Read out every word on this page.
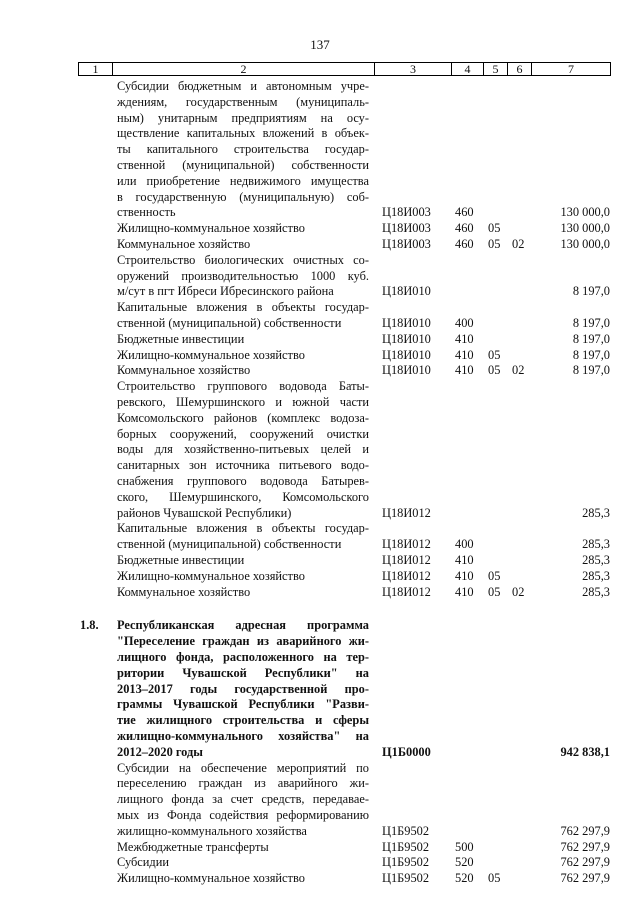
137
1	2	3	4	5	6	7
Субсидии бюджетным и автономным учре-
ждениям, государственным (муниципаль-
ным) унитарным предприятиям на осу-
ществление капитальных вложений в объек-
ты капитального строительства государ-
ственной (муниципальной) собственности
или приобретение недвижимого имущества
в государственную (муниципальную) соб-
ственность	Ц18И003 460	130 000,0
Жилищно-коммунальное хозяйство	Ц18И003 460 05	130 000,0
Коммунальное хозяйство	Ц18И003 460 05 02	130 000,0
Строительство биологических очистных со-
оружений производительностью 1000 куб.
м/сут в пгт Ибреси Ибресинского района	Ц18И010	8 197,0
Капитальные вложения в объекты государ-
ственной (муниципальной) собственности	Ц18И010 400	8 197,0
Бюджетные инвестиции	Ц18И010 410	8 197,0
Жилищно-коммунальное хозяйство	Ц18И010 410 05	8 197,0
Коммунальное хозяйство	Ц18И010 410 05 02	8 197,0
Строительство группового водовода Баты-
ревского, Шемуршинского и южной части
Комсомольского районов (комплекс водоза-
борных сооружений, сооружений очистки
воды для хозяйственно-питьевых целей и
санитарных зон источника питьевого водо-
снабжения группового водовода Батырев-
ского, Шемуршинского, Комсомольского
районов Чувашской Республики)	Ц18И012	285,3
Капитальные вложения в объекты государ-
ственной (муниципальной) собственности	Ц18И012 400	285,3
Бюджетные инвестиции	Ц18И012 410	285,3
Жилищно-коммунальное хозяйство	Ц18И012 410 05	285,3
Коммунальное хозяйство	Ц18И012 410 05 02	285,3
1.8. Республиканская адресная программа
"Переселение граждан из аварийного жи-
лищного фонда, расположенного на тер-
ритории Чувашской Республики" на
2013–2017 годы государственной про-
граммы Чувашской Республики "Разви-
тие жилищного строительства и сферы
жилищно-коммунального хозяйства" на
2012–2020 годы	Ц1Б0000	942 838,1
Субсидии на обеспечение мероприятий по
переселению граждан из аварийного жи-
лищного фонда за счет средств, передавае-
мых из Фонда содействия реформированию
жилищно-коммунального хозяйства	Ц1Б9502	762 297,9
Межбюджетные трансферты	Ц1Б9502 500	762 297,9
Субсидии	Ц1Б9502 520	762 297,9
Жилищно-коммунальное хозяйство	Ц1Б9502 520 05	762 297,9
